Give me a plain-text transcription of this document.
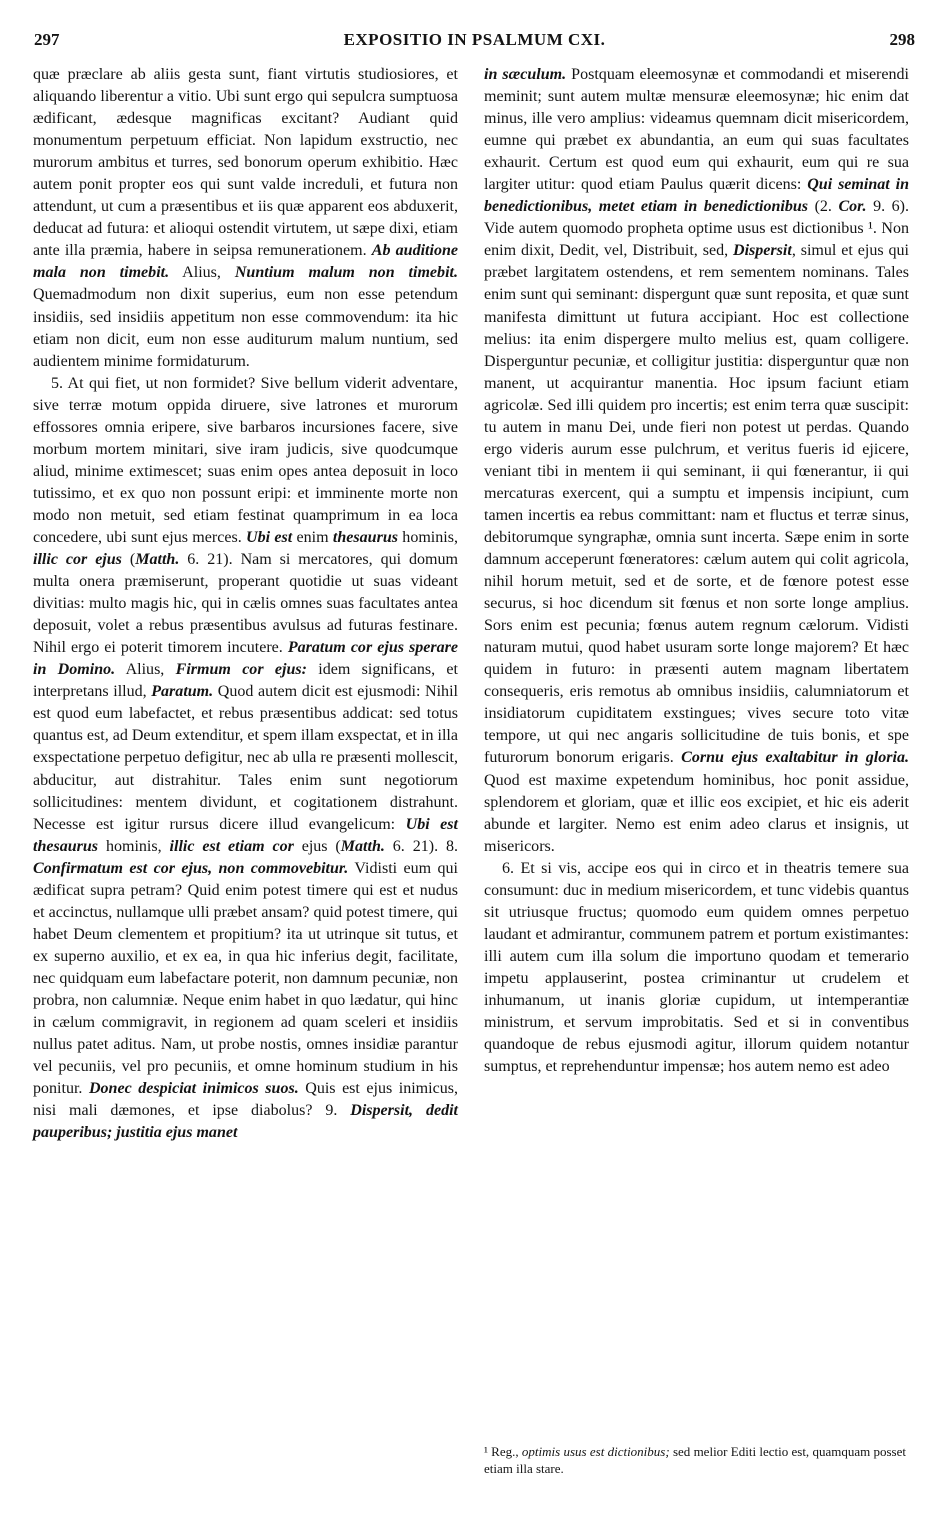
297	EXPOSITIO IN PSALMUM CXI.	298

quæ præclare ab aliis gesta sunt, fiant virtutis studiosiores, et aliquando liberentur a vitio. Ubi sunt ergo qui sepulcra sumptuosa ædificant, ædesque magnificas excitant? Audiant quid monumentum perpetuum efficiat. Non lapidum exstructio, nec murorum ambitus et turres, sed bonorum operum exhibitio. Hæc autem ponit propter eos qui sunt valde increduli, et futura non attendunt, ut cum a præsentibus et iis quæ apparent eos abduxerit, deducat ad futura: et alioqui ostendit virtutem, ut sæpe dixi, etiam ante illa præmia, habere in seipsa remunerationem. Ab auditione mala non timebit. Alius, Nuntium malum non timebit. Quemadmodum non dixit superius, eum non esse petendum insidiis, sed insidiis appetitum non esse commovendum: ita hic etiam non dicit, eum non esse auditurum malum nuntium, sed audientem minime formidaturum.

5. At qui fiet, ut non formidet? Sive bellum viderit adventare, sive terræ motum oppida diruere, sive latrones et murorum effossores omnia eripere, sive barbaros incursiones facere, sive morbum mortem minitari, sive iram judicis, sive quodcumque aliud, minime extimescet; suas enim opes antea deposuit in loco tutissimo, et ex quo non possunt eripi: et imminente morte non modo non metuit, sed etiam festinat quamprimum in ea loca concedere, ubi sunt ejus merces. Ubi est enim thesaurus hominis, illic cor ejus (Matth. 6. 21). Nam si mercatores, qui domum multa onera præmiserunt, properant quotidie ut suas videant divitias: multo magis hic, qui in cælis omnes suas facultates antea deposuit, volet a rebus præsentibus avulsus ad futuras festinare. Nihil ergo ei poterit timorem incutere. Paratum cor ejus sperare in Domino. Alius, Firmum cor ejus: idem significans, et interpretans illud, Paratum. Quod autem dicit est ejusmodi: Nihil est quod eum labefactet, et rebus præsentibus addicat: sed totus quantus est, ad Deum extenditur, et spem illam exspectat, et in illa exspectatione perpetuo defigitur, nec ab ulla re præsenti mollescit, abducitur, aut distrahitur. Tales enim sunt negotiorum sollicitudines: mentem dividunt, et cogitationem distrahunt. Necesse est igitur rursus dicere illud evangelicum: Ubi est thesaurus hominis, illic est etiam cor ejus (Matth. 6. 21). 8. Confirmatum est cor ejus, non commovebitur. Vidisti eum qui ædificat supra petram? Quid enim potest timere qui est et nudus et accinctus, nullamque ulli præbet ansam? quid potest timere, qui habet Deum clementem et propitium? ita ut utrinque sit tutus, et ex superno auxilio, et ex ea, in qua hic inferius degit, facilitate, nec quidquam eum labefactare poterit, non damnum pecuniæ, non probra, non calumniæ. Neque enim habet in quo lædatur, qui hinc in cælum commigravit, in regionem ad quam sceleri et insidiis nullus patet aditus. Nam, ut probe nostis, omnes insidiæ parantur vel pecuniis, vel pro pecuniis, et omne hominum studium in his ponitur. Donec despiciat inimicos suos. Quis est ejus inimicus, nisi mali dæmones, et ipse diabolus? 9. Dispersit, dedit pauperibus; justitia ejus manet

in sæculum. Postquam eleemosynæ et commodandi et miserendi meminit; sunt autem multæ mensuræ eleemosynæ; hic enim dat minus, ille vero amplius: videamus quemnam dicit misericordem, eumne qui præbet ex abundantia, an eum qui suas facultates exhaurit. Certum est quod eum qui exhaurit, eum qui re sua largiter utitur: quod etiam Paulus quærit dicens: Qui seminat in benedictionibus, metet etiam in benedictionibus (2. Cor. 9. 6). Vide autem quomodo propheta optime usus est dictionibus ¹. Non enim dixit, Dedit, vel, Distribuit, sed, Dispersit, simul et ejus qui præbet largitatem ostendens, et rem sementem nominans. Tales enim sunt qui seminant: dispergunt quæ sunt reposita, et quæ sunt manifesta dimittunt ut futura accipiant. Hoc est collectione melius: ita enim dispergere multo melius est, quam colligere. Disperguntur pecuniæ, et colligitur justitia: disperguntur quæ non manent, ut acquirantur manentia. Hoc ipsum faciunt etiam agricolæ. Sed illi quidem pro incertis; est enim terra quæ suscipit: tu autem in manu Dei, unde fieri non potest ut perdas. Quando ergo videris aurum esse pulchrum, et veritus fueris id ejicere, veniant tibi in mentem ii qui seminant, ii qui fœnerantur, ii qui mercaturas exercent, qui a sumptu et impensis incipiunt, cum tamen incertis ea rebus committant: nam et fluctus et terræ sinus, debitorumque syngraphæ, omnia sunt incerta. Sæpe enim in sorte damnum acceperunt fœneratores: cælum autem qui colit agricola, nihil horum metuit, sed et de sorte, et de fœnore potest esse securus, si hoc dicendum sit fœnus et non sorte longe amplius. Sors enim est pecunia; fœnus autem regnum cælorum. Vidisti naturam mutui, quod habet usuram sorte longe majorem? Et hæc quidem in futuro: in præsenti autem magnam libertatem consequeris, eris remotus ab omnibus insidiis, calumniatorum et insidiatorum cupiditatem exstingues; vives secure toto vitæ tempore, ut qui nec angaris sollicitudine de tuis bonis, et spe futurorum bonorum erigaris. Cornu ejus exaltabitur in gloria. Quod est maxime expetendum hominibus, hoc ponit assidue, splendorem et gloriam, quæ et illic eos excipiet, et hic eis aderit abunde et largiter. Nemo est enim adeo clarus et insignis, ut misericors.

6. Et si vis, accipe eos qui in circo et in theatris temere sua consumunt: duc in medium misericordem, et tunc videbis quantus sit utriusque fructus; quomodo eum quidem omnes perpetuo laudant et admirantur, communem patrem et portum existimantes: illi autem cum illa solum die importuno quodam et temerario impetu applauserint, postea criminantur ut crudelem et inhumanum, ut inanis gloriæ cupidum, ut intemperantiæ ministrum, et servum improbitatis. Sed et si in conventibus quandoque de rebus ejusmodi agitur, illorum quidem notantur sumptus, et reprehenduntur impensæ; hos autem nemo est adeo

¹ Reg., optimis usus est dictionibus; sed melior Editi lectio est, quamquam posset etiam illa stare.
